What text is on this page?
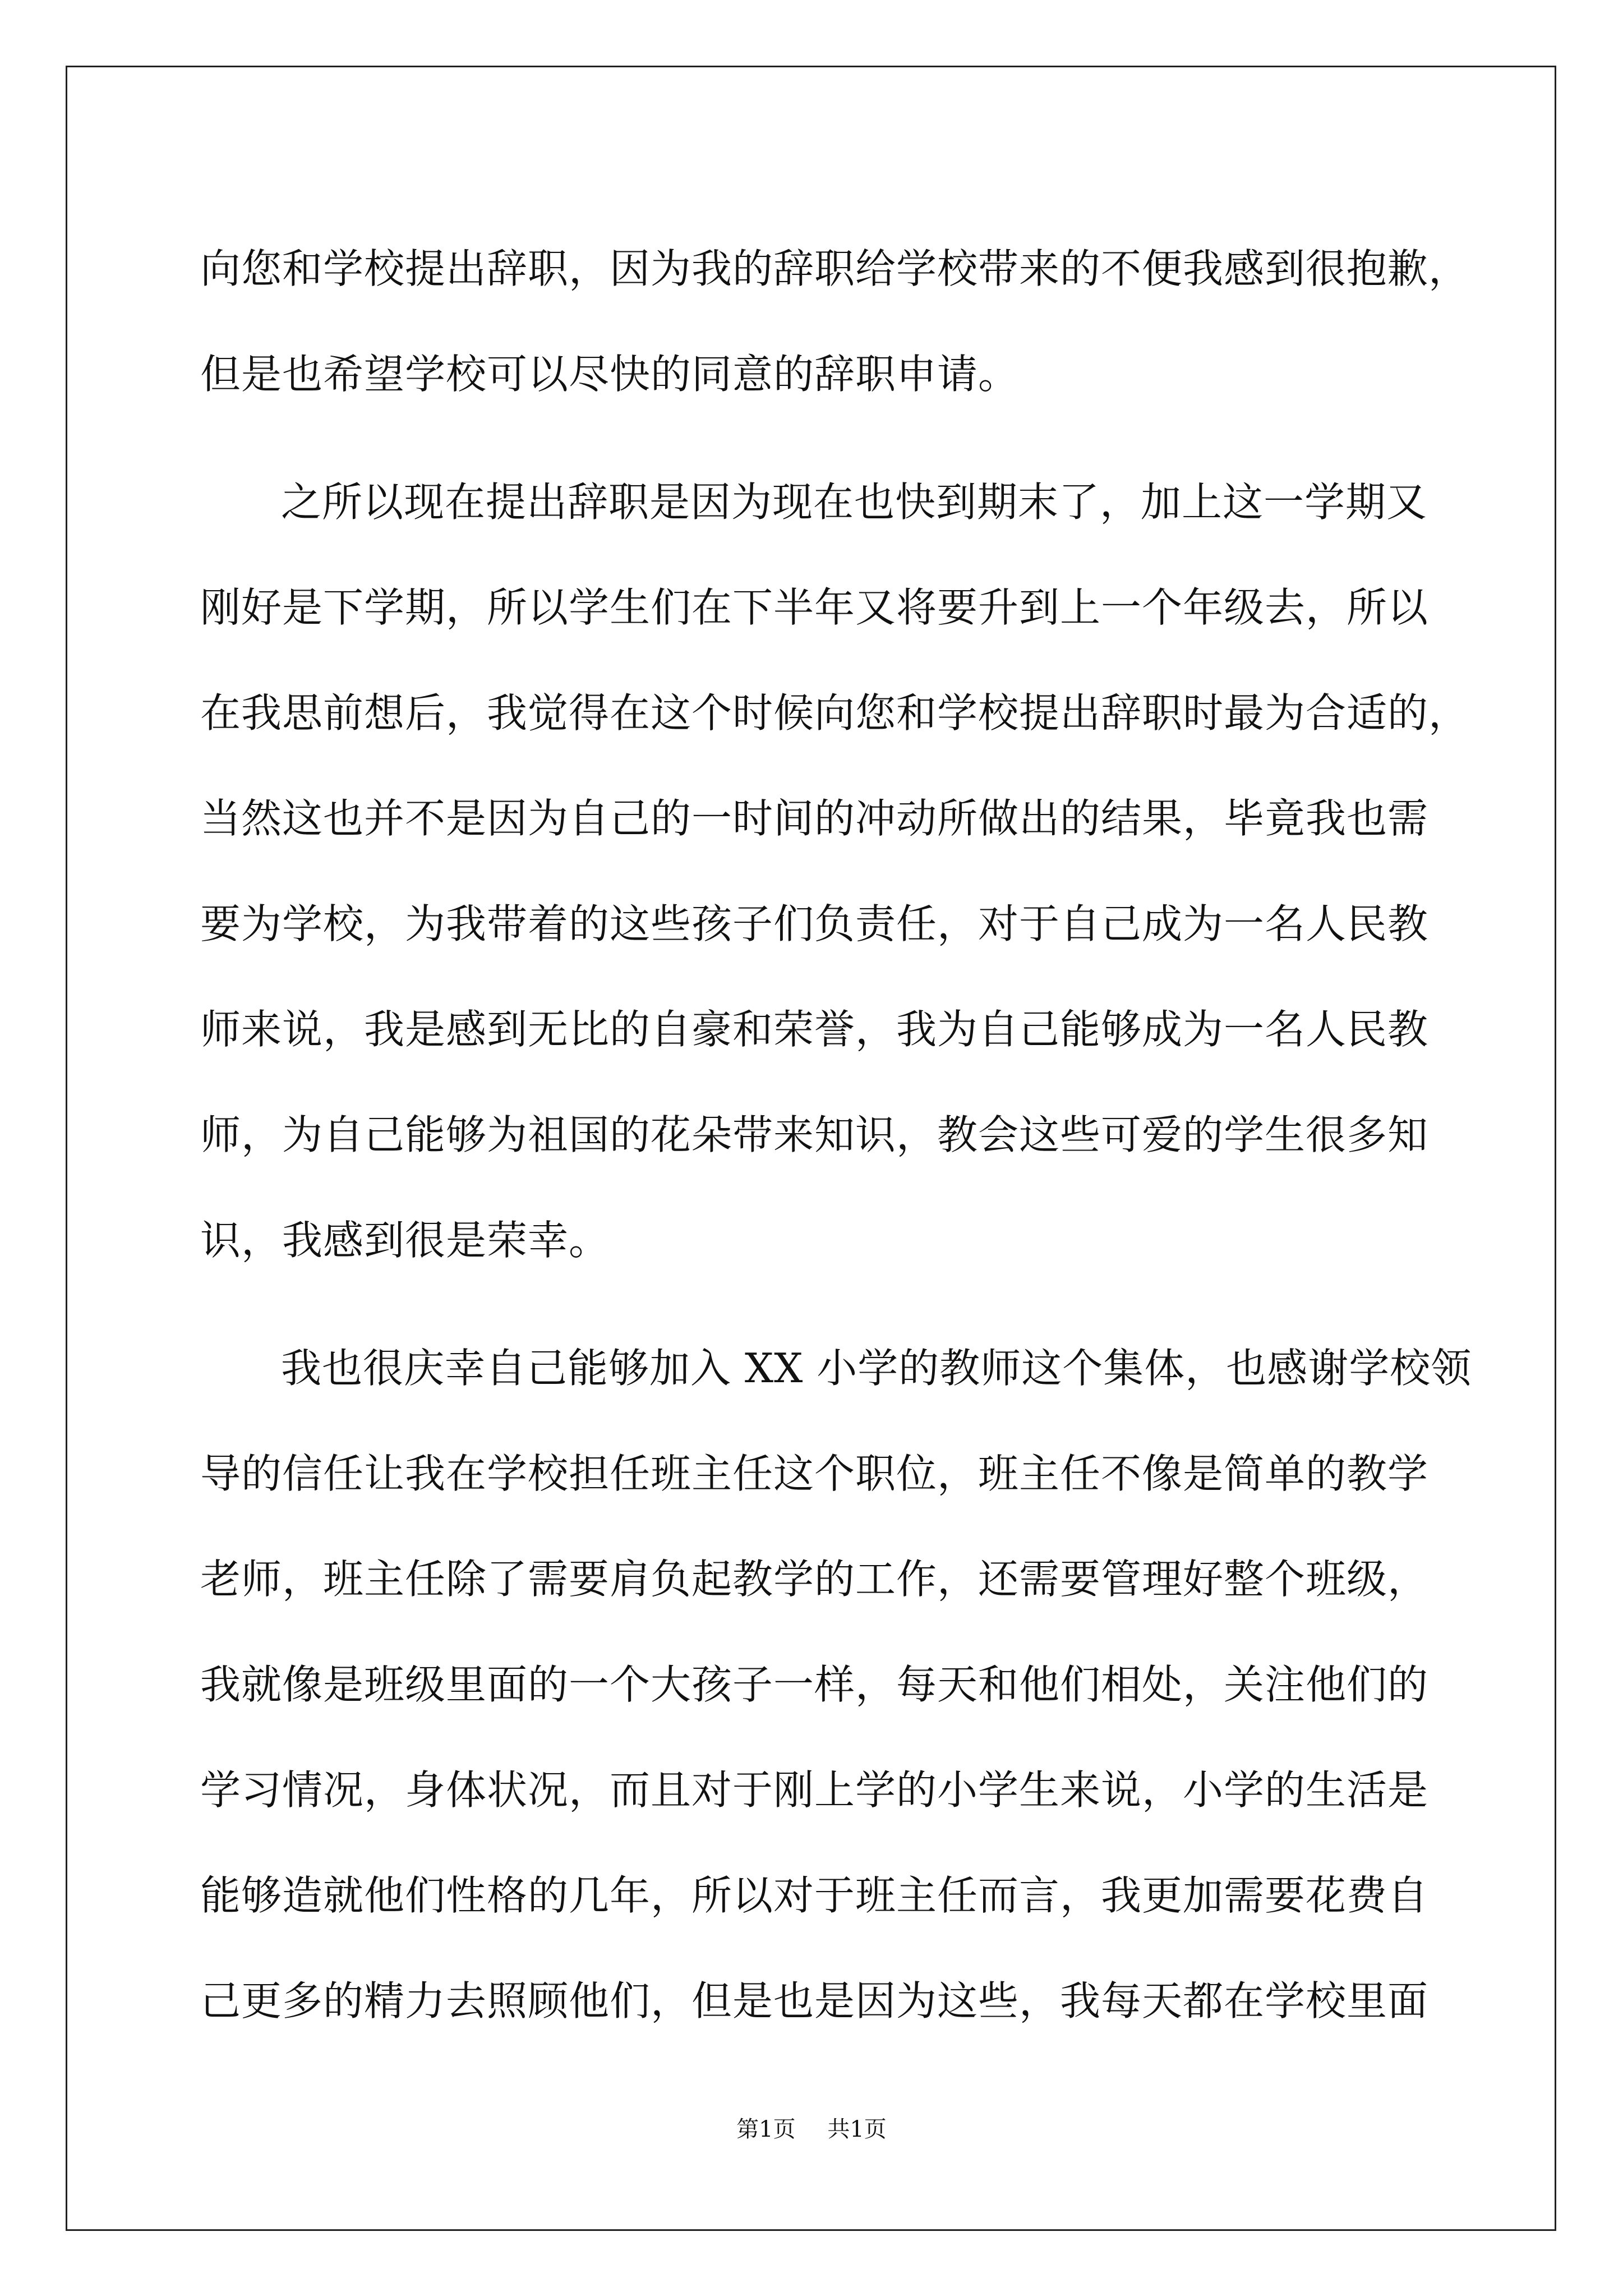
向您和学校提出辞职，因为我的辞职给学校带来的不便我感到很抱歉，
但是也希望学校可以尽快的同意的辞职申请。
之所以现在提出辞职是因为现在也快到期末了，加上这一学期又
刚好是下学期，所以学生们在下半年又将要升到上一个年级去，所以
在我思前想后，我觉得在这个时候向您和学校提出辞职时最为合适的，
当然这也并不是因为自己的一时间的冲动所做出的结果，毕竟我也需
要为学校，为我带着的这些孩子们负责任，对于自己成为一名人民教
师来说，我是感到无比的自豪和荣誉，我为自己能够成为一名人民教
师，为自己能够为祖国的花朵带来知识，教会这些可爱的学生很多知
识，我感到很是荣幸。
我也很庆幸自己能够加入 XX 小学的教师这个集体，也感谢学校领
导的信任让我在学校担任班主任这个职位，班主任不像是简单的教学
老师，班主任除了需要肩负起教学的工作，还需要管理好整个班级，
我就像是班级里面的一个大孩子一样，每天和他们相处，关注他们的
学习情况，身体状况，而且对于刚上学的小学生来说，小学的生活是
能够造就他们性格的几年，所以对于班主任而言，我更加需要花费自
己更多的精力去照顾他们，但是也是因为这些，我每天都在学校里面
第1页 共1页
